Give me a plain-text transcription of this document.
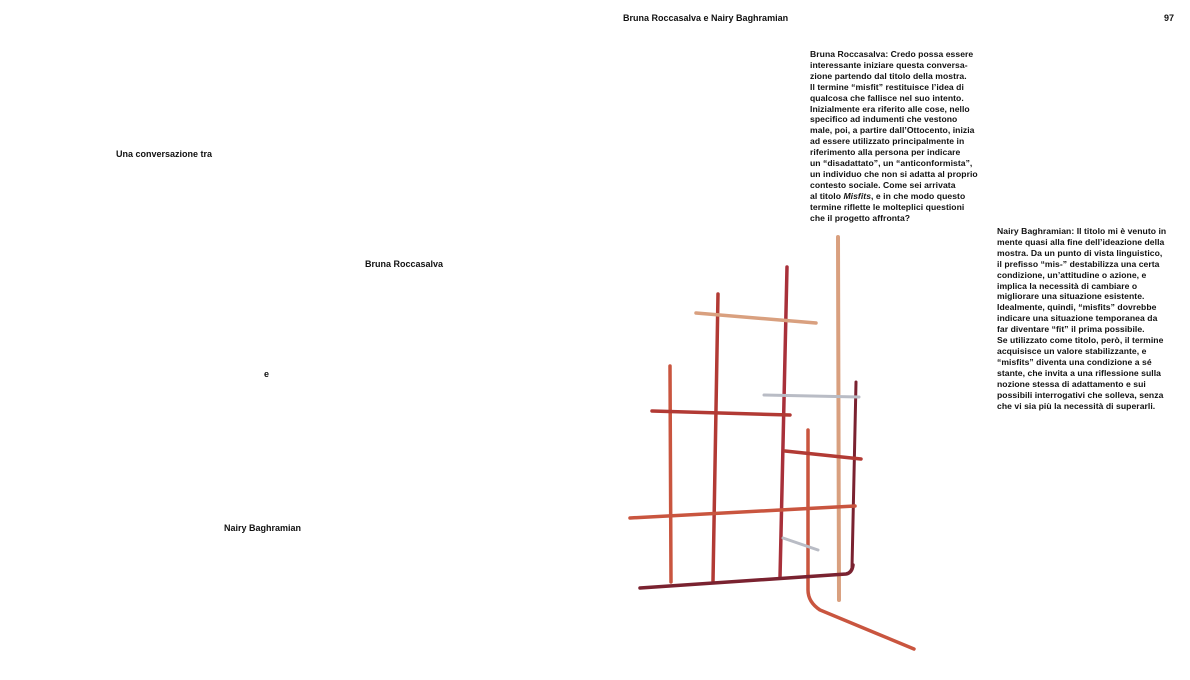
Bruna Roccasalva e Nairy Baghramian	97
Una conversazione tra
Bruna Roccasalva
e
Nairy Baghramian
Bruna Roccasalva: Credo possa essere
interessante iniziare questa conversa-
zione partendo dal titolo della mostra.
Il termine “misfit” restituisce l’idea di
qualcosa che fallisce nel suo intento.
Inizialmente era riferito alle cose, nello
specifico ad indumenti che vestono
male, poi, a partire dall’Ottocento, inizia
ad essere utilizzato principalmente in
riferimento alla persona per indicare
un “disadattato”, un “anticonformista”,
un individuo che non si adatta al proprio
contesto sociale. Come sei arrivata
al titolo Misfits, e in che modo questo
termine riflette le molteplici questioni
che il progetto affronta?
Nairy Baghramian: Il titolo mi è venuto in
mente quasi alla fine dell’ideazione della
mostra. Da un punto di vista linguistico,
il prefisso “mis-” destabilizza una certa
condizione, un’attitudine o azione, e
implica la necessità di cambiare o
migliorare una situazione esistente.
Idealmente, quindi, “misfits” dovrebbe
indicare una situazione temporanea da
far diventare “fit” il prima possibile.
Se utilizzato come titolo, però, il termine
acquisisce un valore stabilizzante, e
“misfits” diventa una condizione a sé
stante, che invita a una riflessione sulla
nozione stessa di adattamento e sui
possibili interrogativi che solleva, senza
che vi sia più la necessità di superarli.
